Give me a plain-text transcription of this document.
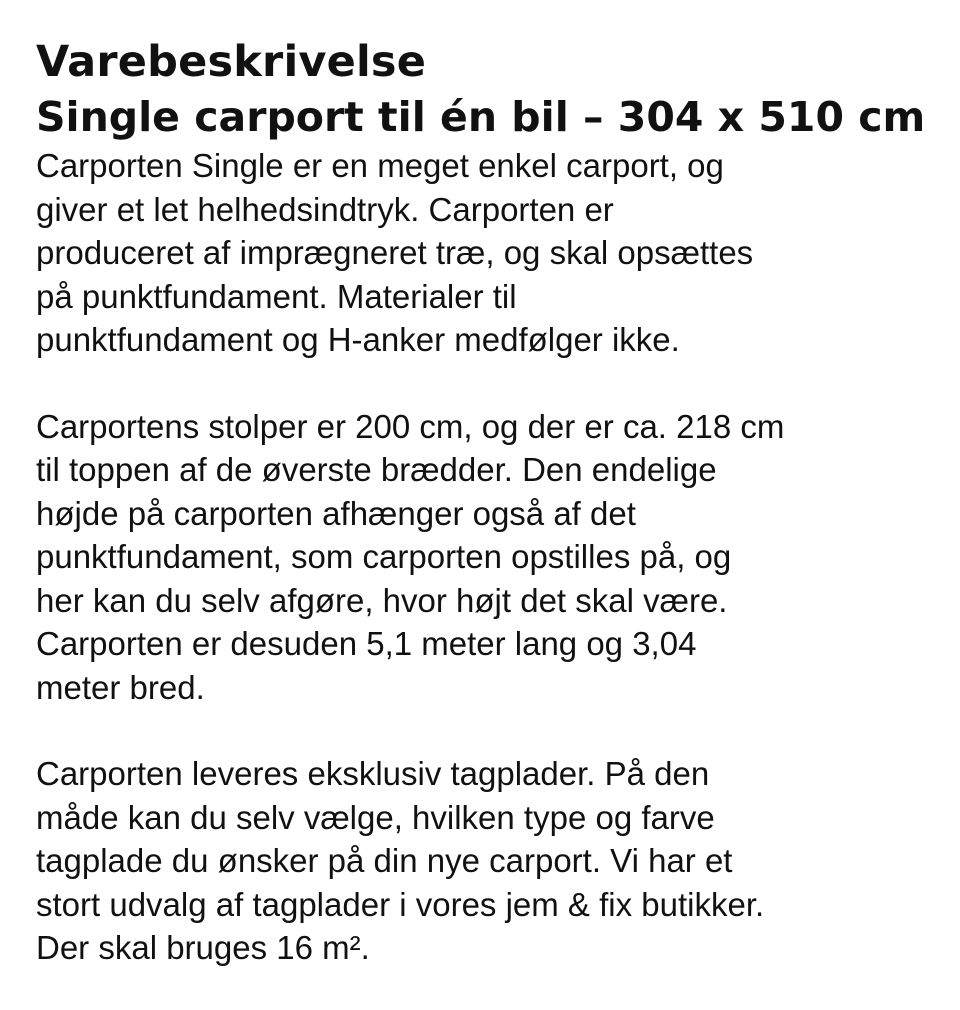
Varebeskrivelse
Single carport til én bil – 304 x 510 cm

Carporten Single er en meget enkel carport, og
giver et let helhedsindtryk. Carporten er
produceret af imprægneret træ, og skal opsættes
på punktfundament. Materialer til
punktfundament og H-anker medfølger ikke.

Carportens stolper er 200 cm, og der er ca. 218 cm
til toppen af de øverste brædder. Den endelige
højde på carporten afhænger også af det
punktfundament, som carporten opstilles på, og
her kan du selv afgøre, hvor højt det skal være.
Carporten er desuden 5,1 meter lang og 3,04
meter bred.

Carporten leveres eksklusiv tagplader. På den
måde kan du selv vælge, hvilken type og farve
tagplade du ønsker på din nye carport. Vi har et
stort udvalg af tagplader i vores jem & fix butikker.
Der skal bruges 16 m².
